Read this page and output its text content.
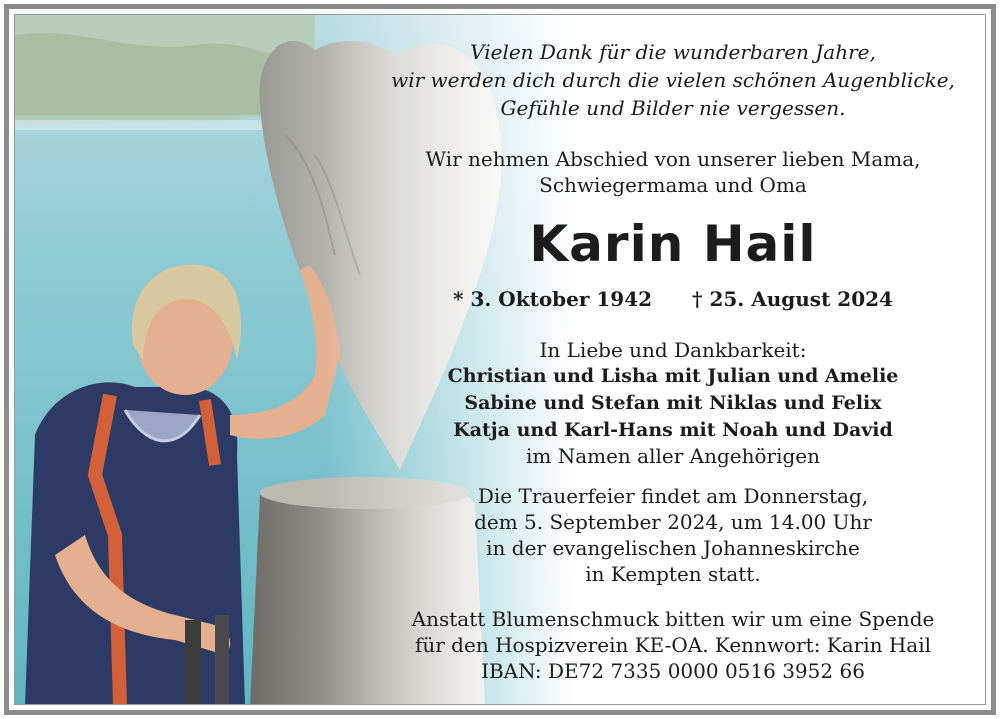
Vielen Dank für die wunderbaren Jahre,
wir werden dich durch die vielen schönen Augenblicke,
Gefühle und Bilder nie vergessen.
Wir nehmen Abschied von unserer lieben Mama,
Schwiegermama und Oma
Karin Hail
* 3. Oktober 1942 † 25. August 2024
In Liebe und Dankbarkeit:
Christian und Lisha mit Julian und Amelie
Sabine und Stefan mit Niklas und Felix
Katja und Karl-Hans mit Noah und David
im Namen aller Angehörigen
Die Trauerfeier findet am Donnerstag,
dem 5. September 2024, um 14.00 Uhr
in der evangelischen Johanneskirche
in Kempten statt.
Anstatt Blumenschmuck bitten wir um eine Spende
für den Hospizverein KE-OA. Kennwort: Karin Hail
IBAN: DE72 7335 0000 0516 3952 66
